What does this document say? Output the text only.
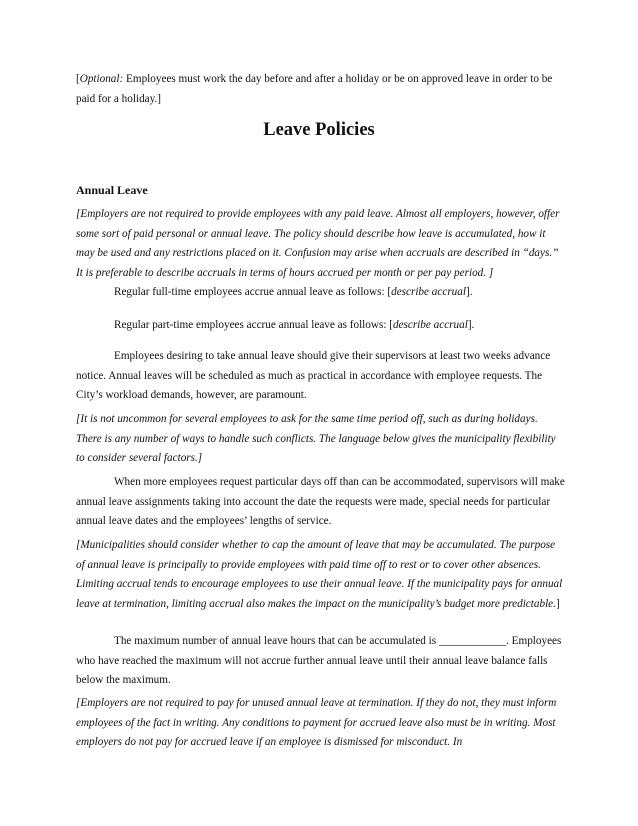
[Optional: Employees must work the day before and after a holiday or be on approved leave in order to be paid for a holiday.]

Leave Policies
Annual Leave

[Employers are not required to provide employees with any paid leave. Almost all employers, however, offer some sort of paid personal or annual leave. The policy should describe how leave is accumulated, how it may be used and any restrictions placed on it. Confusion may arise when accruals are described in “days.” It is preferable to describe accruals in terms of hours accrued per month or per pay period. ]

Regular full-time employees accrue annual leave as follows: [describe accrual].

Regular part-time employees accrue annual leave as follows: [describe accrual].

Employees desiring to take annual leave should give their supervisors at least two weeks advance notice. Annual leaves will be scheduled as much as practical in accordance with employee requests. The City’s workload demands, however, are paramount.

[It is not uncommon for several employees to ask for the same time period off, such as during holidays. There is any number of ways to handle such conflicts. The language below gives the municipality flexibility to consider several factors.]

When more employees request particular days off than can be accommodated, supervisors will make annual leave assignments taking into account the date the requests were made, special needs for particular annual leave dates and the employees’ lengths of service.

[Municipalities should consider whether to cap the amount of leave that may be accumulated. The purpose of annual leave is principally to provide employees with paid time off to rest or to cover other absences. Limiting accrual tends to encourage employees to use their annual leave. If the municipality pays for annual leave at termination, limiting accrual also makes the impact on the municipality’s budget more predictable.]

The maximum number of annual leave hours that can be accumulated is ____________. Employees who have reached the maximum will not accrue further annual leave until their annual leave balance falls below the maximum.

[Employers are not required to pay for unused annual leave at termination. If they do not, they must inform employees of the fact in writing. Any conditions to payment for accrued leave also must be in writing. Most employers do not pay for accrued leave if an employee is dismissed for misconduct. In
